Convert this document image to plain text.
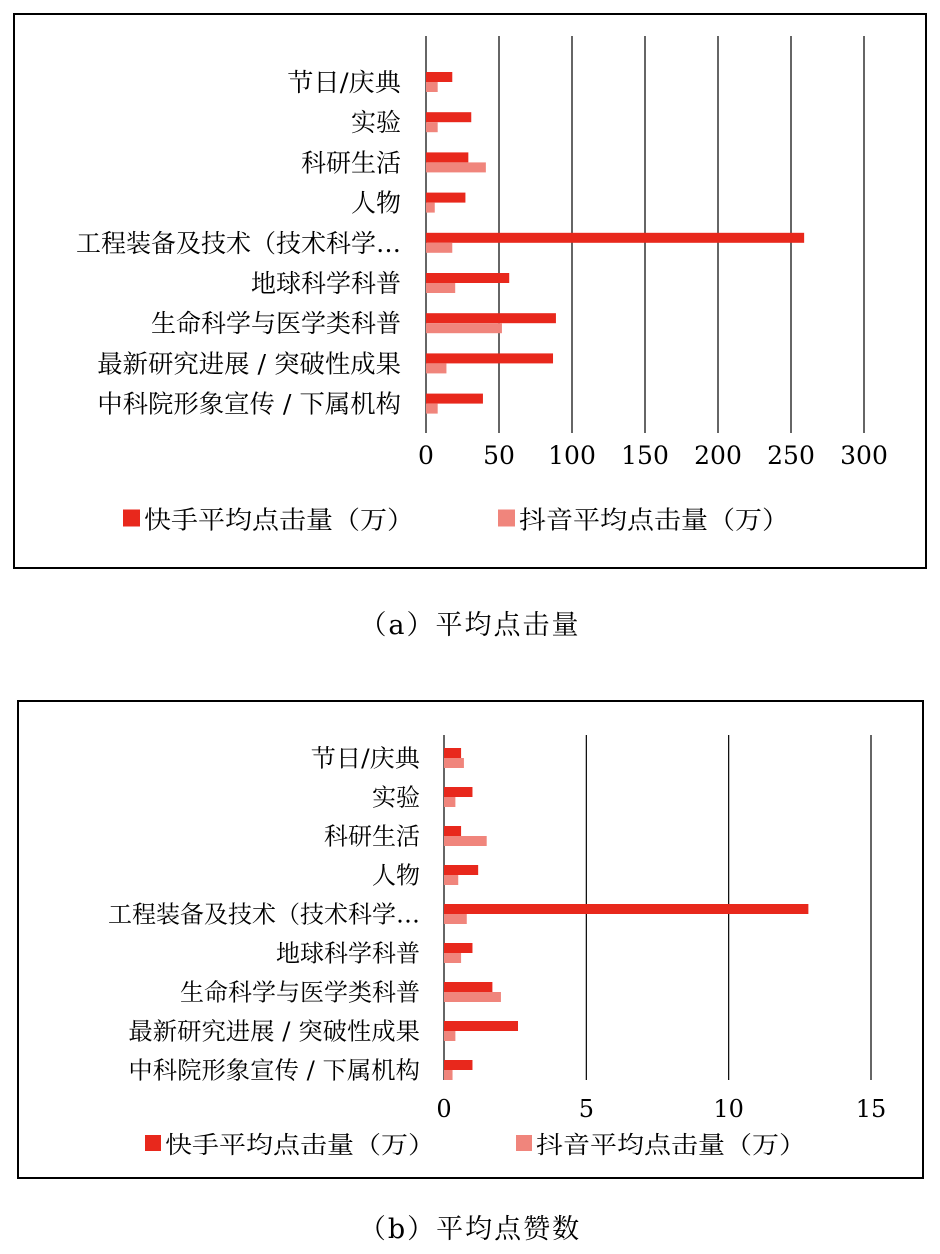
节日/庆典
实验
科研生活
人物
工程装备及技术（技术科学…
地球科学科普
生命科学与医学类科普
最新研究进展 / 突破性成果
中科院形象宣传 / 下属机构
0 50 100 150 200 250 300
快手平均点击量（万）	抖音平均点击量（万）
（a）平均点击量
节日/庆典
实验
科研生活
人物
工程装备及技术（技术科学…
地球科学科普
生命科学与医学类科普
最新研究进展 / 突破性成果
中科院形象宣传 / 下属机构
0	5	10	15
快手平均点击量（万）	抖音平均点击量（万）
（b）平均点赞数
